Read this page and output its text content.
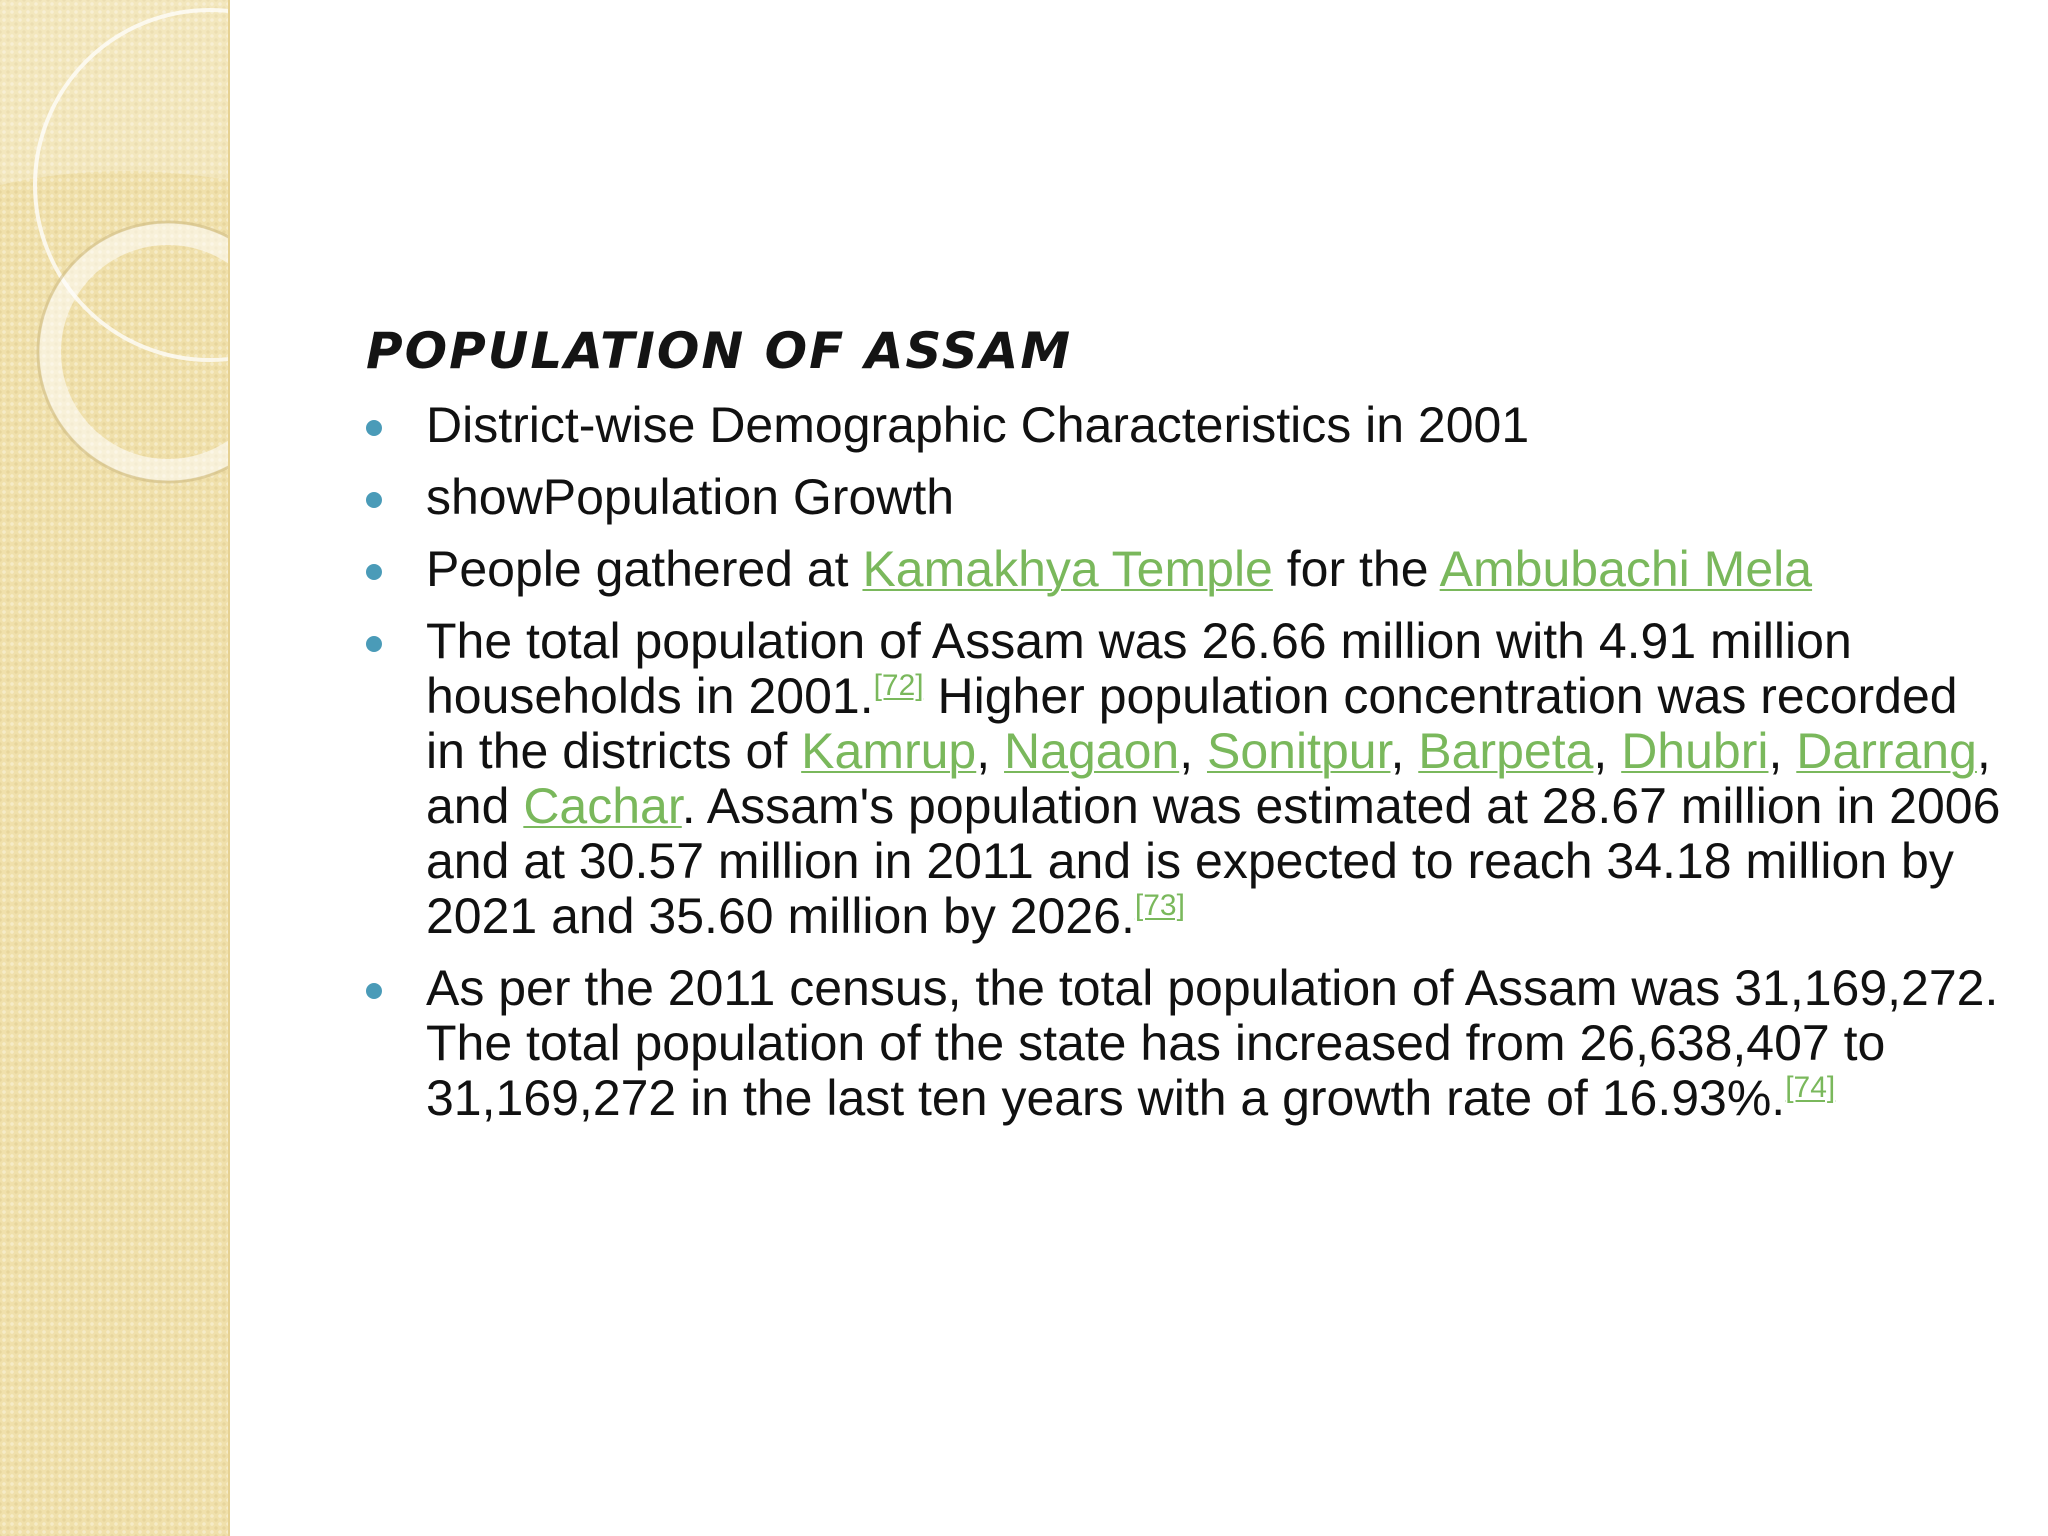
POPULATION OF ASSAM
District-wise Demographic Characteristics in 2001
showPopulation Growth
People gathered at Kamakhya Temple for the Ambubachi Mela
The total population of Assam was 26.66 million with 4.91 million households in 2001.[72] Higher population concentration was recorded in the districts of Kamrup, Nagaon, Sonitpur, Barpeta, Dhubri, Darrang, and Cachar. Assam's population was estimated at 28.67 million in 2006 and at 30.57 million in 2011 and is expected to reach 34.18 million by 2021 and 35.60 million by 2026.[73]
As per the 2011 census, the total population of Assam was 31,169,272. The total population of the state has increased from 26,638,407 to 31,169,272 in the last ten years with a growth rate of 16.93%.[74]
